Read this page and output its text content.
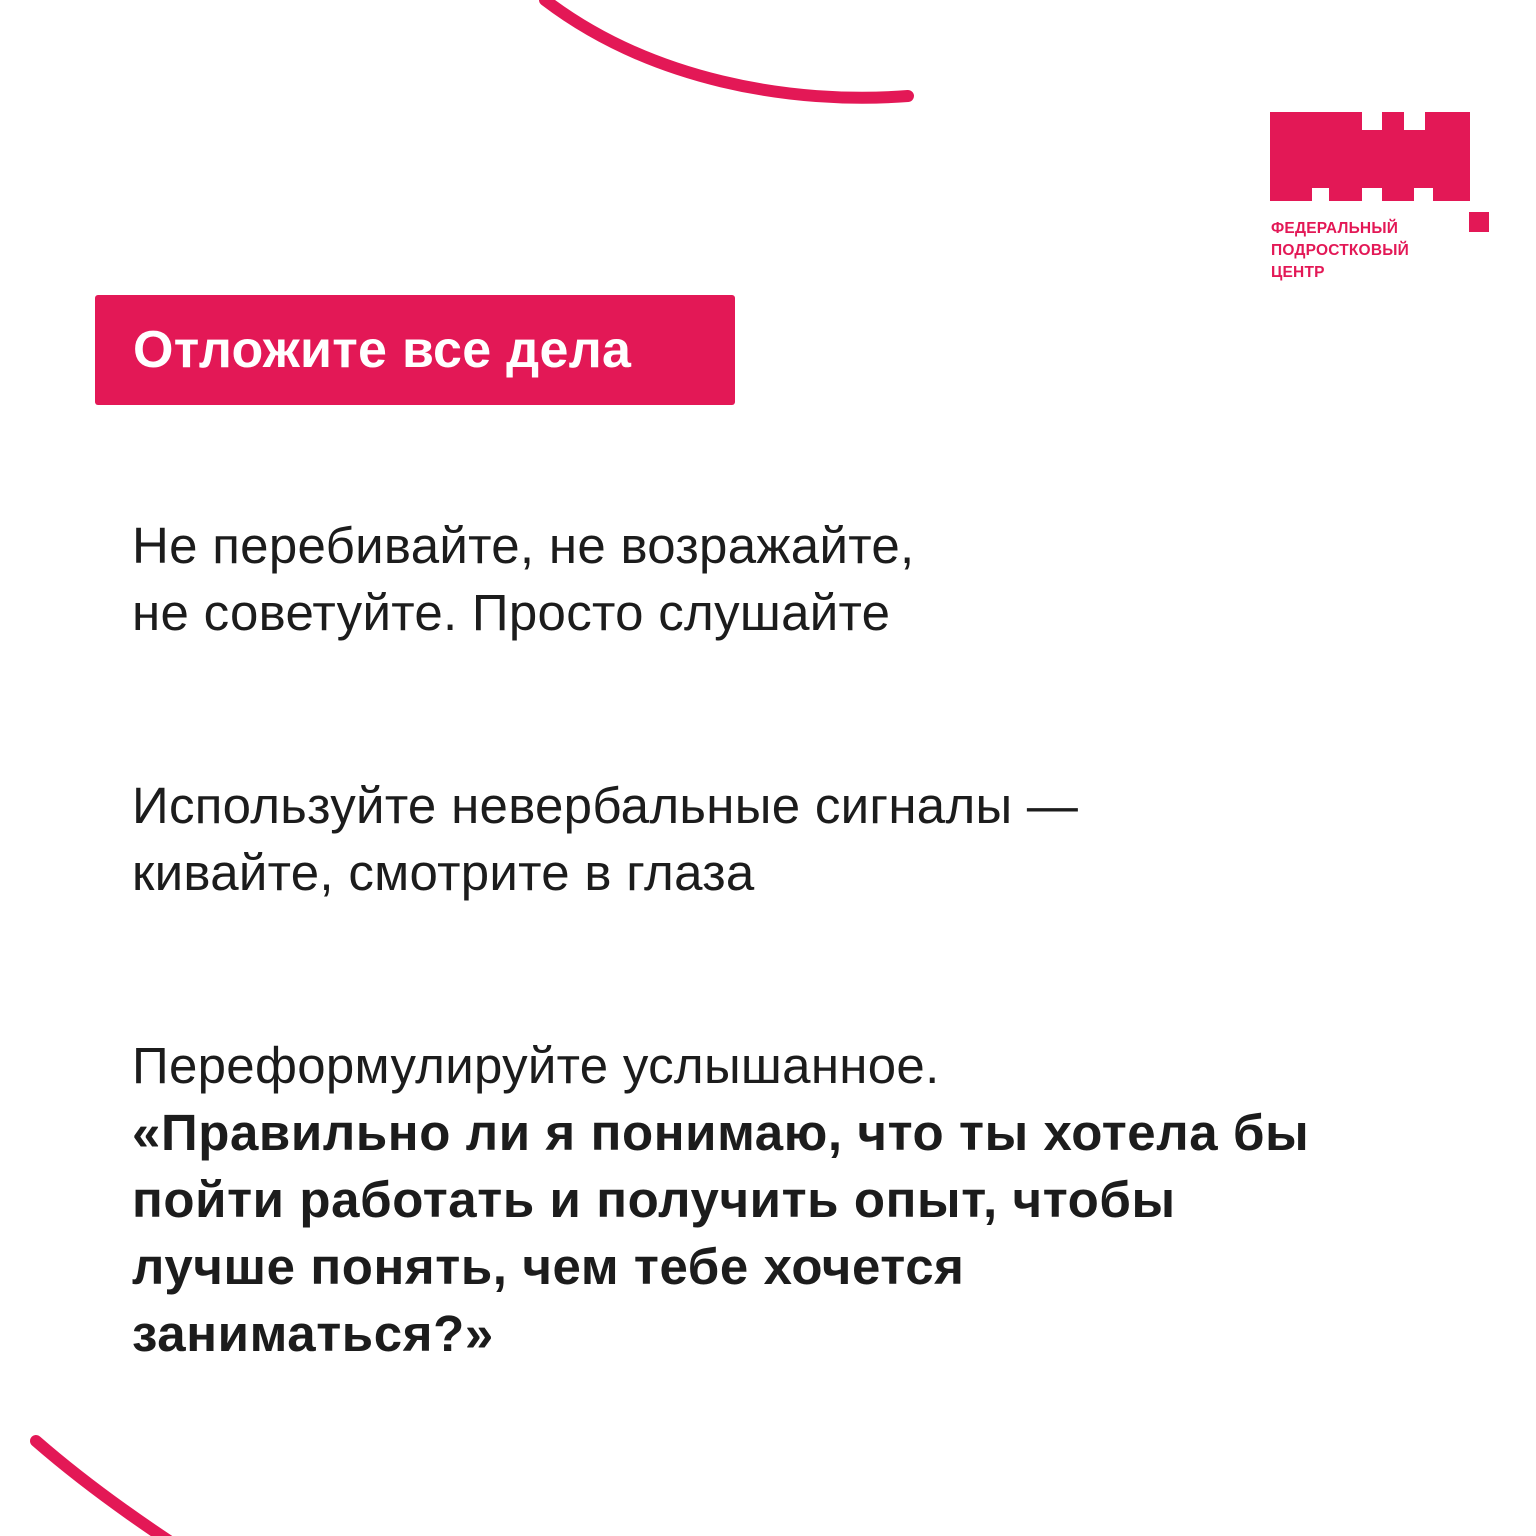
ФЕДЕРАЛЬНЫЙ
ПОДРОСТКОВЫЙ
ЦЕНТР
Отложите все дела

Не перебивайте, не возражайте,
не советуйте. Просто слушайте

Используйте невербальные сигналы —
кивайте, смотрите в глаза

Переформулируйте услышанное.
«Правильно ли я понимаю, что ты хотела бы
пойти работать и получить опыт, чтобы
лучше понять, чем тебе хочется
заниматься?»
